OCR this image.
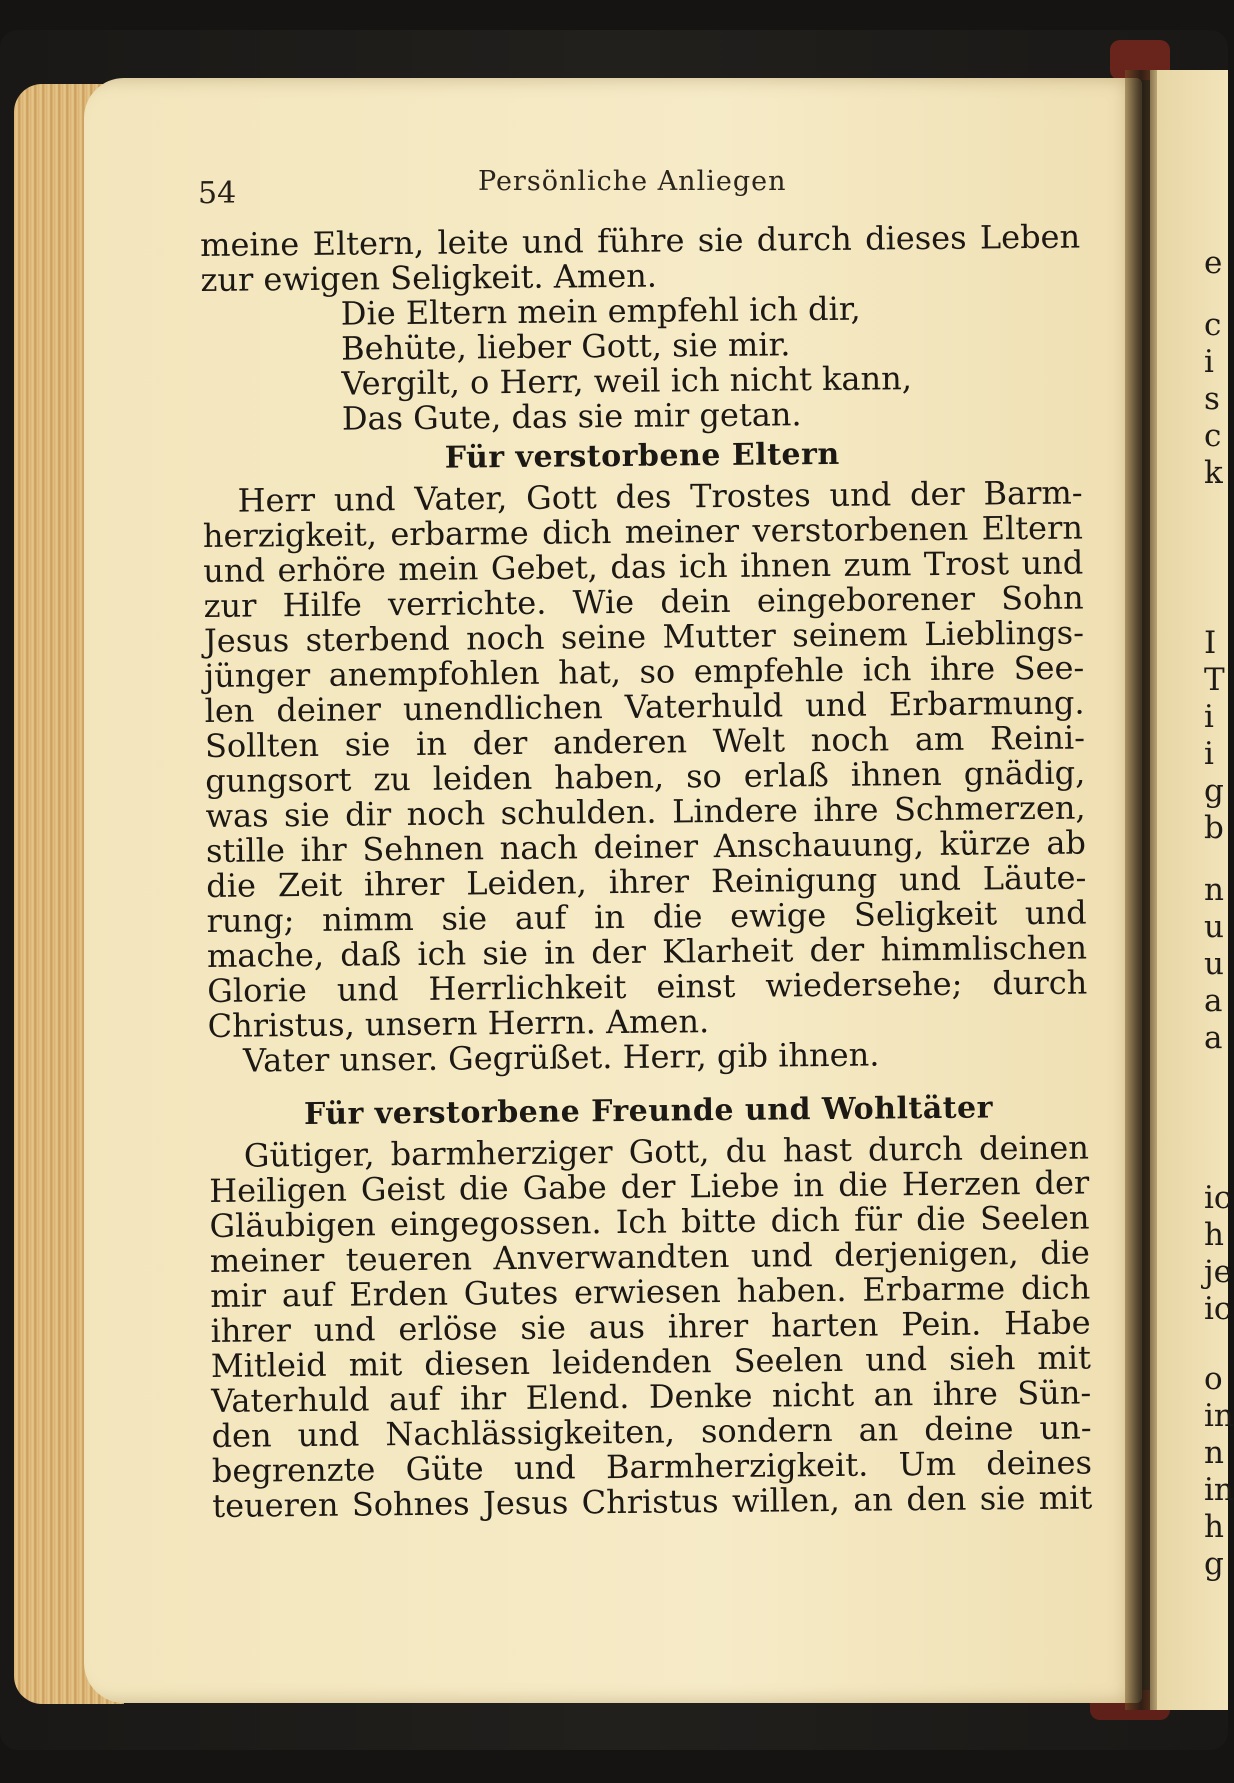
e
c
i
s
c
k
I
T
i
i
g
b
n
u
u
a
a
ic
h
je
ic
o
in
n
in
h
g
54	Persönliche Anliegen
meine Eltern, leite und führe sie durch dieses Leben
zur ewigen Seligkeit. Amen.
Die Eltern mein empfehl ich dir,
Behüte, lieber Gott, sie mir.
Vergilt, o Herr, weil ich nicht kann,
Das Gute, das sie mir getan.
Für verstorbene Eltern
Herr und Vater, Gott des Trostes und der Barm-
herzigkeit, erbarme dich meiner verstorbenen Eltern
und erhöre mein Gebet, das ich ihnen zum Trost und
zur Hilfe verrichte. Wie dein eingeborener Sohn
Jesus sterbend noch seine Mutter seinem Lieblings-
jünger anempfohlen hat, so empfehle ich ihre See-
len deiner unendlichen Vaterhuld und Erbarmung.
Sollten sie in der anderen Welt noch am Reini-
gungsort zu leiden haben, so erlaß ihnen gnädig,
was sie dir noch schulden. Lindere ihre Schmerzen,
stille ihr Sehnen nach deiner Anschauung, kürze ab
die Zeit ihrer Leiden, ihrer Reinigung und Läute-
rung; nimm sie auf in die ewige Seligkeit und
mache, daß ich sie in der Klarheit der himmlischen
Glorie und Herrlichkeit einst wiedersehe; durch
Christus, unsern Herrn. Amen.
Vater unser. Gegrüßet. Herr, gib ihnen.
Für verstorbene Freunde und Wohltäter
Gütiger, barmherziger Gott, du hast durch deinen
Heiligen Geist die Gabe der Liebe in die Herzen der
Gläubigen eingegossen. Ich bitte dich für die Seelen
meiner teueren Anverwandten und derjenigen, die
mir auf Erden Gutes erwiesen haben. Erbarme dich
ihrer und erlöse sie aus ihrer harten Pein. Habe
Mitleid mit diesen leidenden Seelen und sieh mit
Vaterhuld auf ihr Elend. Denke nicht an ihre Sün-
den und Nachlässigkeiten, sondern an deine un-
begrenzte Güte und Barmherzigkeit. Um deines
teueren Sohnes Jesus Christus willen, an den sie mit
